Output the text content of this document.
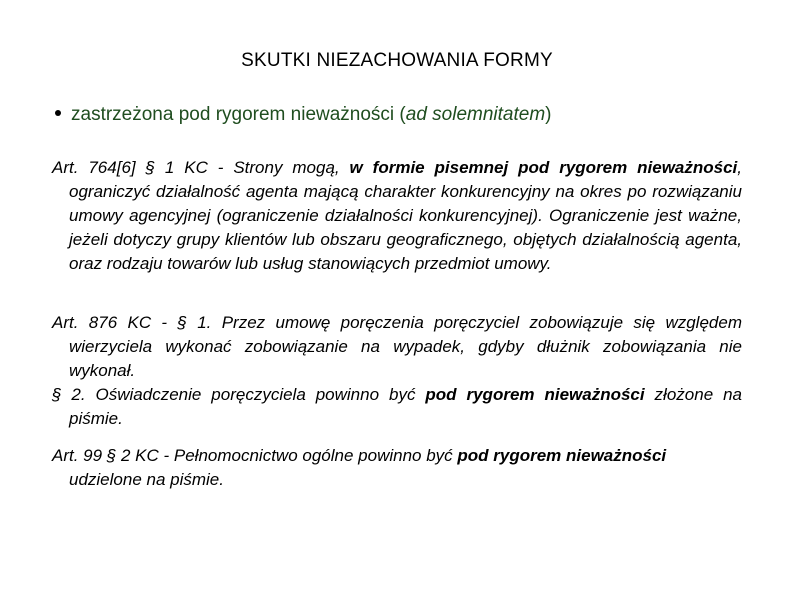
SKUTKI NIEZACHOWANIA FORMY
zastrzeżona pod rygorem nieważności (ad solemnitatem)
Art. 764[6] § 1 KC - Strony mogą, w formie pisemnej pod rygorem nieważności, ograniczyć działalność agenta mającą charakter konkurencyjny na okres po rozwiązaniu umowy agencyjnej (ograniczenie działalności konkurencyjnej). Ograniczenie jest ważne, jeżeli dotyczy grupy klientów lub obszaru geograficznego, objętych działalnością agenta, oraz rodzaju towarów lub usług stanowiących przedmiot umowy.
Art. 876 KC - § 1. Przez umowę poręczenia poręczyciel zobowiązuje się względem wierzyciela wykonać zobowiązanie na wypadek, gdyby dłużnik zobowiązania nie wykonał.
§ 2. Oświadczenie poręczyciela powinno być pod rygorem nieważności złożone na piśmie.
Art. 99 § 2 KC - Pełnomocnictwo ogólne powinno być pod rygorem nieważności udzielone na piśmie.
